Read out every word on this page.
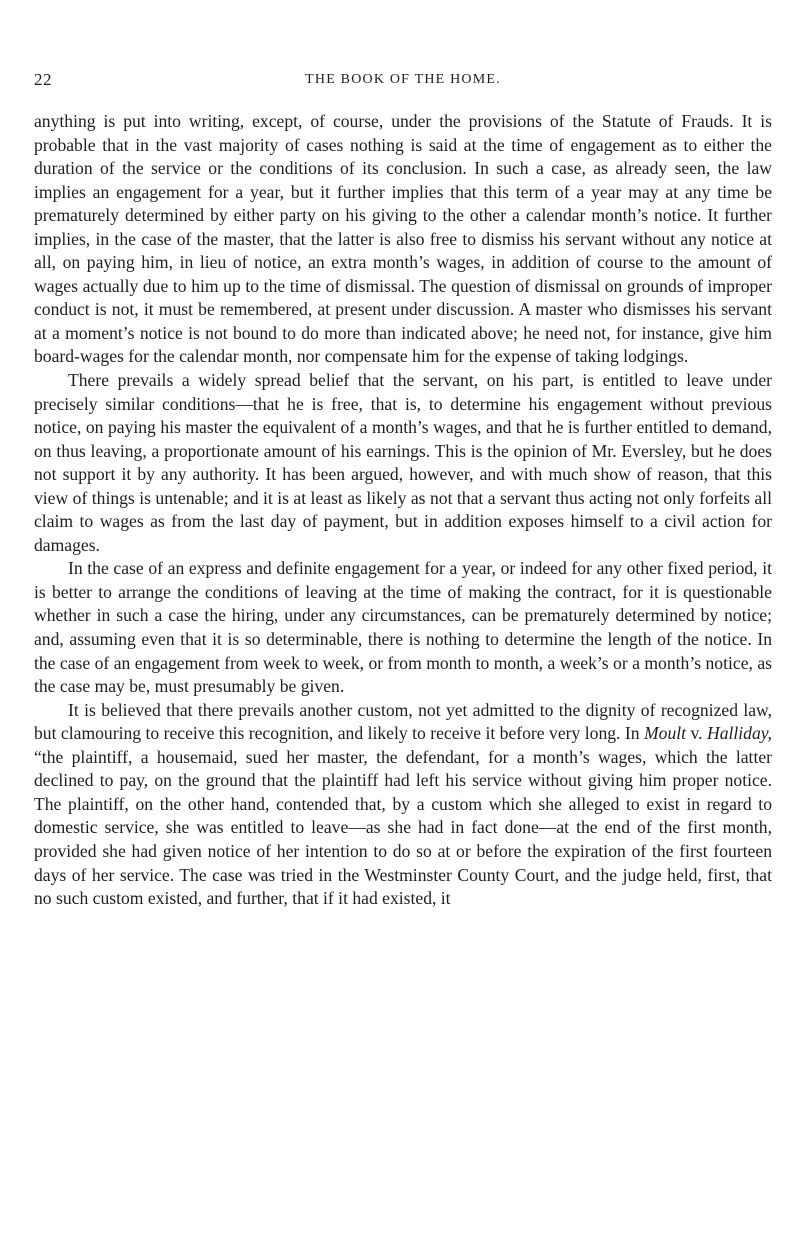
22	THE BOOK OF THE HOME.

anything is put into writing, except, of course, under the provisions of the Statute of Frauds. It is probable that in the vast majority of cases nothing is said at the time of engagement as to either the duration of the service or the conditions of its conclusion. In such a case, as already seen, the law implies an engagement for a year, but it further implies that this term of a year may at any time be prematurely determined by either party on his giving to the other a calendar month’s notice. It further implies, in the case of the master, that the latter is also free to dismiss his servant without any notice at all, on paying him, in lieu of notice, an extra month’s wages, in addition of course to the amount of wages actually due to him up to the time of dismissal. The question of dismissal on grounds of improper conduct is not, it must be remembered, at present under discussion. A master who dismisses his servant at a moment’s notice is not bound to do more than indicated above; he need not, for instance, give him board-wages for the calendar month, nor compensate him for the expense of taking lodgings.

There prevails a widely spread belief that the servant, on his part, is entitled to leave under precisely similar conditions—that he is free, that is, to determine his engagement without previous notice, on paying his master the equivalent of a month’s wages, and that he is further entitled to demand, on thus leaving, a proportionate amount of his earnings. This is the opinion of Mr. Eversley, but he does not support it by any authority. It has been argued, however, and with much show of reason, that this view of things is untenable; and it is at least as likely as not that a servant thus acting not only forfeits all claim to wages as from the last day of payment, but in addition exposes himself to a civil action for damages.

In the case of an express and definite engagement for a year, or indeed for any other fixed period, it is better to arrange the conditions of leaving at the time of making the contract, for it is questionable whether in such a case the hiring, under any circumstances, can be prematurely determined by notice; and, assuming even that it is so determinable, there is nothing to determine the length of the notice. In the case of an engagement from week to week, or from month to month, a week’s or a month’s notice, as the case may be, must presumably be given.

It is believed that there prevails another custom, not yet admitted to the dignity of recognized law, but clamouring to receive this recognition, and likely to receive it before very long. In Moult v. Halliday, “the plaintiff, a housemaid, sued her master, the defendant, for a month’s wages, which the latter declined to pay, on the ground that the plaintiff had left his service without giving him proper notice. The plaintiff, on the other hand, contended that, by a custom which she alleged to exist in regard to domestic service, she was entitled to leave—as she had in fact done—at the end of the first month, provided she had given notice of her intention to do so at or before the expiration of the first fourteen days of her service. The case was tried in the Westminster County Court, and the judge held, first, that no such custom existed, and further, that if it had existed, it
